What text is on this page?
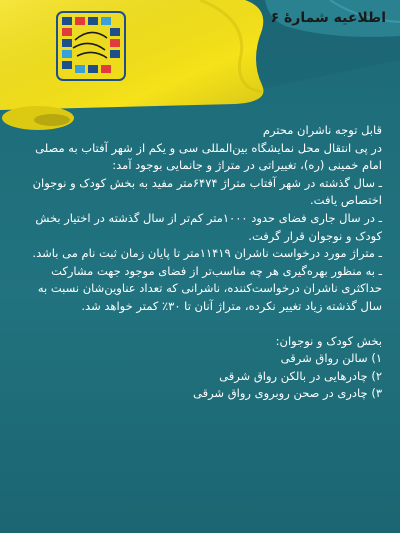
اطلاعیه شمارهٔ ۶

قابل توجه ناشران محترم

در پی انتقال محل نمایشگاه بین‌المللی سی و یکم از شهر آفتاب به مصلی امام خمینی (ره)، تغییراتی در متراژ و جانمایی بوجود آمد:

ـ سال گذشته در شهر آفتاب متراژ ۶۴۷۴متر مفید به بخش کودک و نوجوان اختصاص یافت.

ـ در سال جاری فضای حدود ۱۰۰۰متر کم‌تر از سال گذشته در اختیار بخش کودک و نوجوان قرار گرفت.

ـ متراژ مورد درخواست ناشران ۱۱۴۱۹متر تا پایان زمان ثبت نام می باشد.

ـ به منظور بهره‌گیری هر چه مناسب‌تر از فضای موجود جهت مشارکت حداکثری ناشران درخواست‌کننده، ناشرانی که تعداد عناوین‌شان نسبت به سال گذشته زیاد تغییر نکرده، متراژ آنان تا ۳۰٪ کمتر خواهد شد.

بخش کودک و نوجوان:

۱) سالن رواق شرقی

۲) چادرهایی در بالکن رواق شرقی

۳) چادری در صحن روبروی رواق شرقی
